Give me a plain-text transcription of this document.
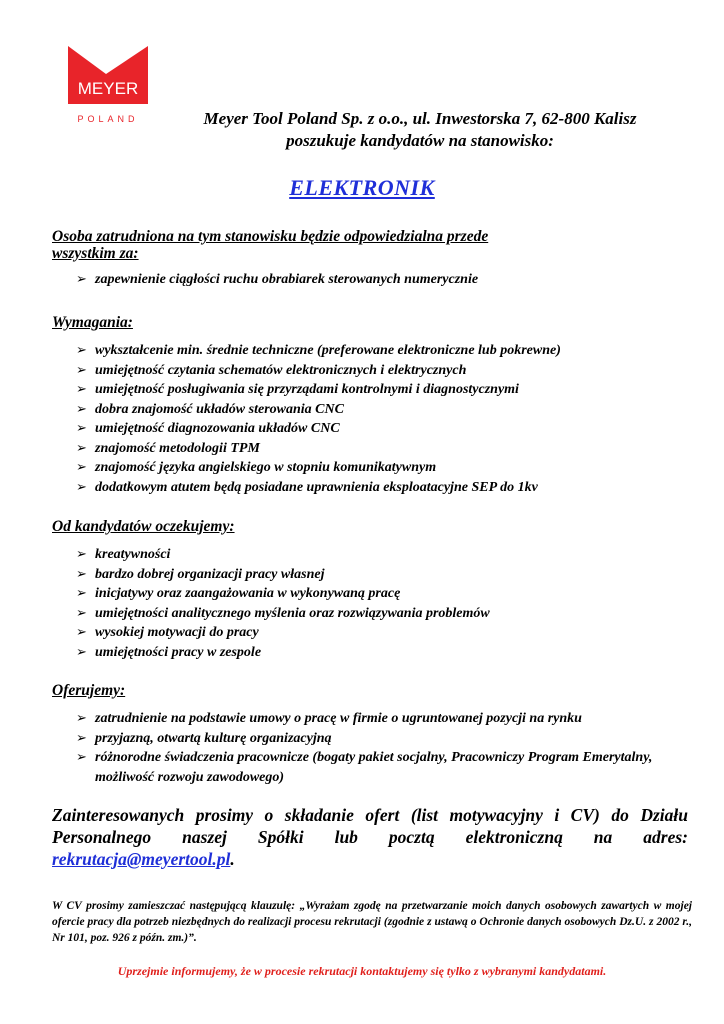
MEYER
POLAND	Meyer Tool Poland Sp. z o.o., ul. Inwestorska 7, 62-800 Kalisz
poszukuje kandydatów na stanowisko:
ELEKTRONIK

Osoba zatrudniona na tym stanowisku będzie odpowiedzialna przede
wszystkim za:

➢ zapewnienie ciągłości ruchu obrabiarek sterowanych numerycznie

Wymagania:

➢ wykształcenie min. średnie techniczne (preferowane elektroniczne lub pokrewne)
➢ umiejętność czytania schematów elektronicznych i elektrycznych
➢ umiejętność posługiwania się przyrządami kontrolnymi i diagnostycznymi
➢ dobra znajomość układów sterowania CNC
➢ umiejętność diagnozowania układów CNC
➢ znajomość metodologii TPM
➢ znajomość języka angielskiego w stopniu komunikatywnym
➢ dodatkowym atutem będą posiadane uprawnienia eksploatacyjne SEP do 1kv

Od kandydatów oczekujemy:

➢ kreatywności
➢ bardzo dobrej organizacji pracy własnej
➢ inicjatywy oraz zaangażowania w wykonywaną pracę
➢ umiejętności analitycznego myślenia oraz rozwiązywania problemów
➢ wysokiej motywacji do pracy
➢ umiejętności pracy w zespole

Oferujemy:

➢ zatrudnienie na podstawie umowy o pracę w firmie o ugruntowanej pozycji na rynku
➢ przyjazną, otwartą kulturę organizacyjną
➢ różnorodne świadczenia pracownicze (bogaty pakiet socjalny, Pracowniczy Program Emerytalny, możliwość rozwoju zawodowego)
Zainteresowanych prosimy o składanie ofert (list motywacyjny i CV) do Działu Personalnego naszej Spółki lub pocztą elektroniczną na adres: rekrutacja@meyertool.pl.
W CV prosimy zamieszczać następującą klauzulę: „Wyrażam zgodę na przetwarzanie moich danych osobowych zawartych w mojej ofercie pracy dla potrzeb niezbędnych do realizacji procesu rekrutacji (zgodnie z ustawą o Ochronie danych osobowych Dz.U. z 2002 r., Nr 101, poz. 926 z późn. zm.)”.
Uprzejmie informujemy, że w procesie rekrutacji kontaktujemy się tylko z wybranymi kandydatami.
